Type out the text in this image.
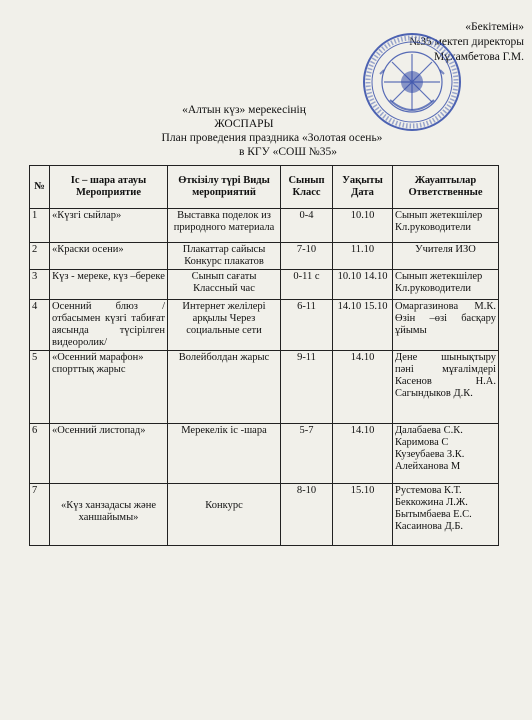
«Бекітемін»
№35 мектеп директоры
Мұхамбетова Г.М.
«Алтын күз» мерекесінің
ЖОСПАРЫ
План проведения праздника «Золотая осень»
в КГУ «СОШ №35»
№	Іс – шара атауы Мероприятие	Өткізілу түрі Виды мероприятий	Сынып Класс	Уақыты Дата	Жауаптылар Ответственные
1	«Күзгі сыйлар»	Выставка поделок из природного материала	0-4	10.10	Сынып жетекшілер Кл.руководители
2	«Краски осени»	Плакаттар сайысы Конкурс плакатов	7-10	11.10	Учителя ИЗО
3	Күз - мереке, күз –береке	Сынып сағаты Классный час	0-11 с	10.10 14.10	Сынып жетекшілер Кл.руководители
4	Осенний блюз /отбасымен күзгі табиғат аясында түсірілген видеоролик/	Интернет желілері арқылы Через социальные сети	6-11	14.10 15.10	Омаргазинова М.К. Өзін –өзі басқару ұйымы
5	«Осенний марафон» спорттық жарыс	Волейболдан жарыс	9-11	14.10	Дене шынықтыру пәні мұғалімдері Касенов Н.А. Сагындыков Д.К.
6	«Осенний листопад»	Мерекелік іс -шара	5-7	14.10	Далабаева С.К. Каримова С Кузеубаева З.К. Алейханова М
7	«Күз ханзадасы және ханшайымы»	Конкурс	8-10	15.10	Рустемова К.Т. Беккожина Л.Ж. Бытымбаева Е.С. Касаинова Д.Б.
